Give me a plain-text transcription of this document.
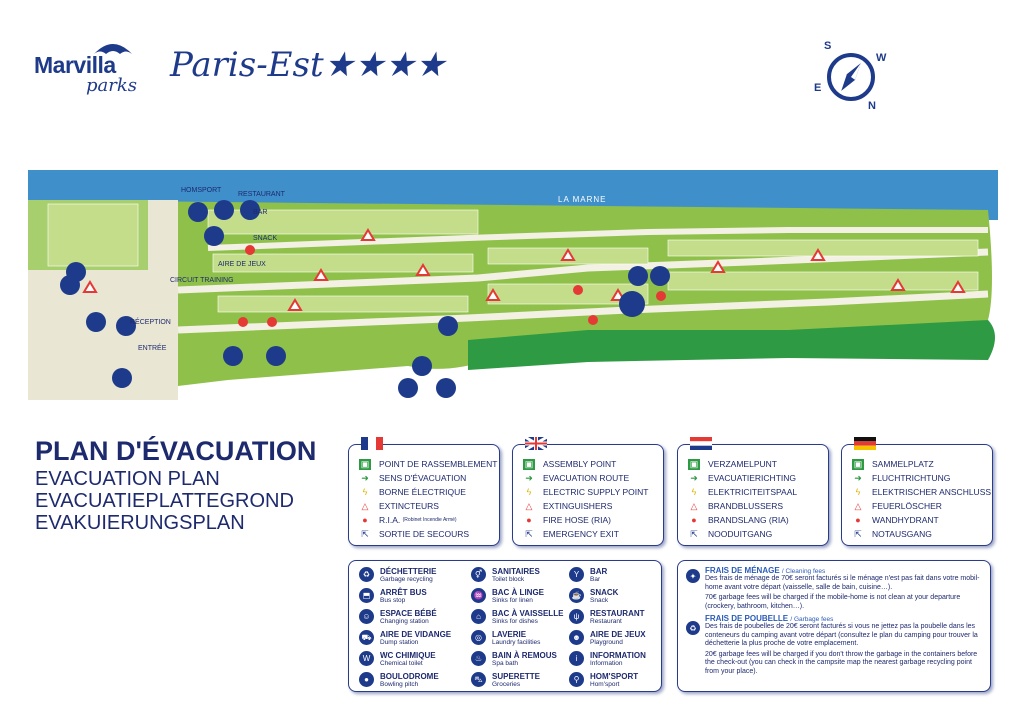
Marvilla
parks
Paris-Est★★★★	S
W
E
N
LA MARNE
HOMSPORT
RESTAURANT
BAR
SNACK
AIRE DE JEUX
CIRCUIT TRAINING
RÉCEPTION
ENTRÉE
PLAN D'ÉVACUATION
EVACUATION PLAN
EVACUATIEPLATTEGROND
EVAKUIERUNGSPLAN
▣ POINT DE RASSEMBLEMENT
➜ SENS D'ÉVACUATION
ϟ	BORNE ÉLECTRIQUE
△ EXTINCTEURS
●	R.I.A.
(Robinet Incendie Armé)
⇱ SORTIE DE SECOURS
▣ ASSEMBLY POINT
➜ EVACUATION ROUTE
ϟ	ELECTRIC SUPPLY POINT
△ EXTINGUISHERS
●	FIRE HOSE (RIA)
⇱ EMERGENCY EXIT
▣ VERZAMELPUNT
➜ EVACUATIERICHTING
ϟ	ELEKTRICITEITSPAAL
△ BRANDBLUSSERS
●	BRANDSLANG (RIA)
⇱ NOODUITGANG
▣ SAMMELPLATZ
➜ FLUCHTRICHTUNG
ϟ	ELEKTRISCHER ANSCHLUSS
△ FEUERLÖSCHER
●	WANDHYDRANT
⇱ NOTAUSGANG
♻	DÉCHETTERIE
Garbage recycling
⬒	ARRÊT BUS
Bus stop
☺	ESPACE BÉBÉ
Changing station
⛟	AIRE DE VIDANGE
Dump station
W	WC CHIMIQUE
Chemical toilet
●	BOULODROME
Bowling pitch
⚥	SANITAIRES
Toilet block
♒	BAC À LINGE
Sinks for linen
⌂	BAC À VAISSELLE
Sinks for dishes
◎	LAVERIE
Laundry facilities
♨	BAIN À REMOUS
Spa bath
⛍	SUPERETTE
Groceries
Y	BAR
Bar
☕	SNACK
Snack
ψ	RESTAURANT
Restaurant
☻	AIRE DE JEUX
Playground
i	INFORMATION
Information
⚲	HOM'SPORT
Hom'sport
✦
♻
FRAIS DE MÉNAGE / Cleaning fees

Des frais de ménage de 70€ seront facturés si le ménage n'est pas fait dans votre mobil-home avant votre départ (vaisselle, salle de bain, cuisine…).

70€ garbage fees will be charged if the mobile-home is not clean at your departure (crockery, bathroom, kitchen…).

FRAIS DE POUBELLE / Garbage fees

Des frais de poubelles de 20€ seront facturés si vous ne jettez pas la poubelle dans les conteneurs du camping avant votre départ (consultez le plan du camping pour trouver la déchetterie la plus proche de votre emplacement.

20€ garbage fees will be charged if you don't throw the garbage in the containers before the check-out (you can check in the campsite map the nearest garbage recycling point from your place).
